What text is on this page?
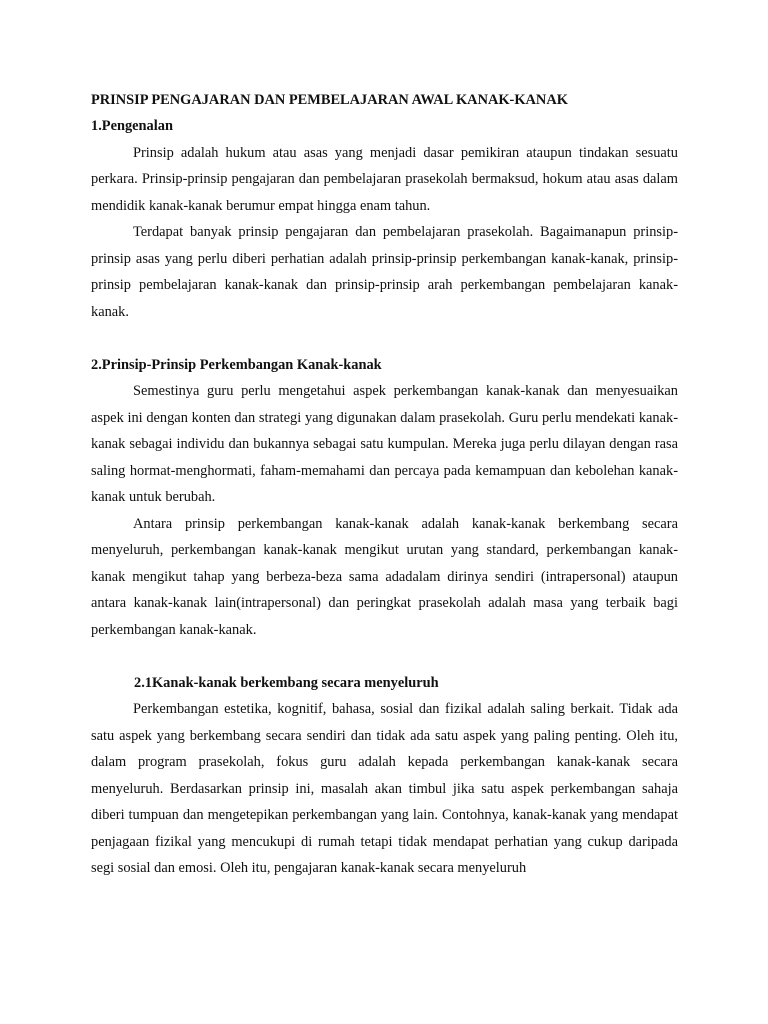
PRINSIP PENGAJARAN DAN PEMBELAJARAN AWAL KANAK-KANAK

1.Pengenalan

Prinsip adalah hukum atau asas yang menjadi dasar pemikiran ataupun tindakan sesuatu perkara. Prinsip-prinsip pengajaran dan pembelajaran prasekolah bermaksud, hokum atau asas dalam mendidik kanak-kanak berumur empat hingga enam tahun.

Terdapat banyak prinsip pengajaran dan pembelajaran prasekolah. Bagaimanapun prinsip-prinsip asas yang perlu diberi perhatian adalah prinsip-prinsip perkembangan kanak-kanak, prinsip-prinsip pembelajaran kanak-kanak dan prinsip-prinsip arah perkembangan pembelajaran kanak-kanak.

2.Prinsip-Prinsip Perkembangan Kanak-kanak

Semestinya guru perlu mengetahui aspek perkembangan kanak-kanak dan menyesuaikan aspek ini dengan konten dan strategi yang digunakan dalam prasekolah. Guru perlu mendekati kanak-kanak sebagai individu dan bukannya sebagai satu kumpulan. Mereka juga perlu dilayan dengan rasa saling hormat-menghormati, faham-memahami dan percaya pada kemampuan dan kebolehan kanak-kanak untuk berubah.

Antara prinsip perkembangan kanak-kanak adalah kanak-kanak berkembang secara menyeluruh, perkembangan kanak-kanak mengikut urutan yang standard, perkembangan kanak-kanak mengikut tahap yang berbeza-beza sama adadalam dirinya sendiri (intrapersonal) ataupun antara kanak-kanak lain(intrapersonal) dan peringkat prasekolah adalah masa yang terbaik bagi perkembangan kanak-kanak.

2.1Kanak-kanak berkembang secara menyeluruh

Perkembangan estetika, kognitif, bahasa, sosial dan fizikal adalah saling berkait. Tidak ada satu aspek yang berkembang secara sendiri dan tidak ada satu aspek yang paling penting. Oleh itu, dalam program prasekolah, fokus guru adalah kepada perkembangan kanak-kanak secara menyeluruh. Berdasarkan prinsip ini, masalah akan timbul jika satu aspek perkembangan sahaja diberi tumpuan dan mengetepikan perkembangan yang lain. Contohnya, kanak-kanak yang mendapat penjagaan fizikal yang mencukupi di rumah tetapi tidak mendapat perhatian yang cukup daripada segi sosial dan emosi. Oleh itu, pengajaran kanak-kanak secara menyeluruh
